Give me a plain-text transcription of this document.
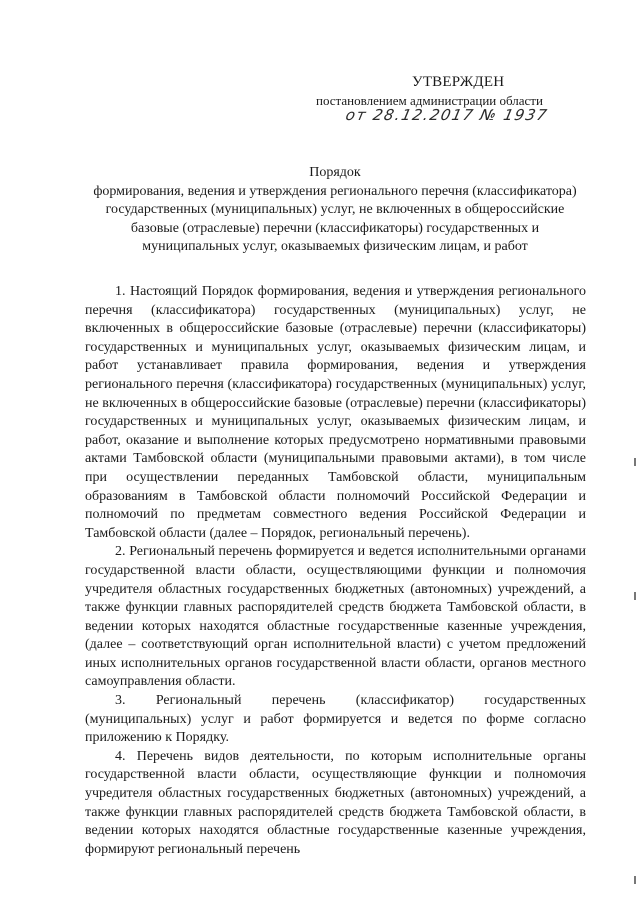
УТВЕРЖДЕН
постановлением администрации области
от 28.12.2017 № 1937
Порядок
формирования, ведения и утверждения регионального перечня (классификатора) государственных (муниципальных) услуг, не включенных в общероссийские базовые (отраслевые) перечни (классификаторы) государственных и муниципальных услуг, оказываемых физическим лицам, и работ

1. Настоящий Порядок формирования, ведения и утверждения регионального перечня (классификатора) государственных (муниципальных) услуг, не включенных в общероссийские базовые (отраслевые) перечни (классификаторы) государственных и муниципальных услуг, оказываемых физическим лицам, и работ устанавливает правила формирования, ведения и утверждения регионального перечня (классификатора) государственных (муниципальных) услуг, не включенных в общероссийские базовые (отраслевые) перечни (классификаторы) государственных и муниципальных услуг, оказываемых физическим лицам, и работ, оказание и выполнение которых предусмотрено нормативными правовыми актами Тамбовской области (муниципальными правовыми актами), в том числе при осуществлении переданных Тамбовской области, муниципальным образованиям в Тамбовской области полномочий Российской Федерации и полномочий по предметам совместного ведения Российской Федерации и Тамбовской области (далее – Порядок, региональный перечень).

2. Региональный перечень формируется и ведется исполнительными органами государственной власти области, осуществляющими функции и полномочия учредителя областных государственных бюджетных (автономных) учреждений, а также функции главных распорядителей средств бюджета Тамбовской области, в ведении которых находятся областные государственные казенные учреждения, (далее – соответствующий орган исполнительной власти) с учетом предложений иных исполнительных органов государственной власти области, органов местного самоуправления области.

3. Региональный перечень (классификатор) государственных (муниципальных) услуг и работ формируется и ведется по форме согласно приложению к Порядку.

4. Перечень видов деятельности, по которым исполнительные органы государственной власти области, осуществляющие функции и полномочия учредителя областных государственных бюджетных (автономных) учреждений, а также функции главных распорядителей средств бюджета Тамбовской области, в ведении которых находятся областные государственные казенные учреждения, формируют региональный перечень
